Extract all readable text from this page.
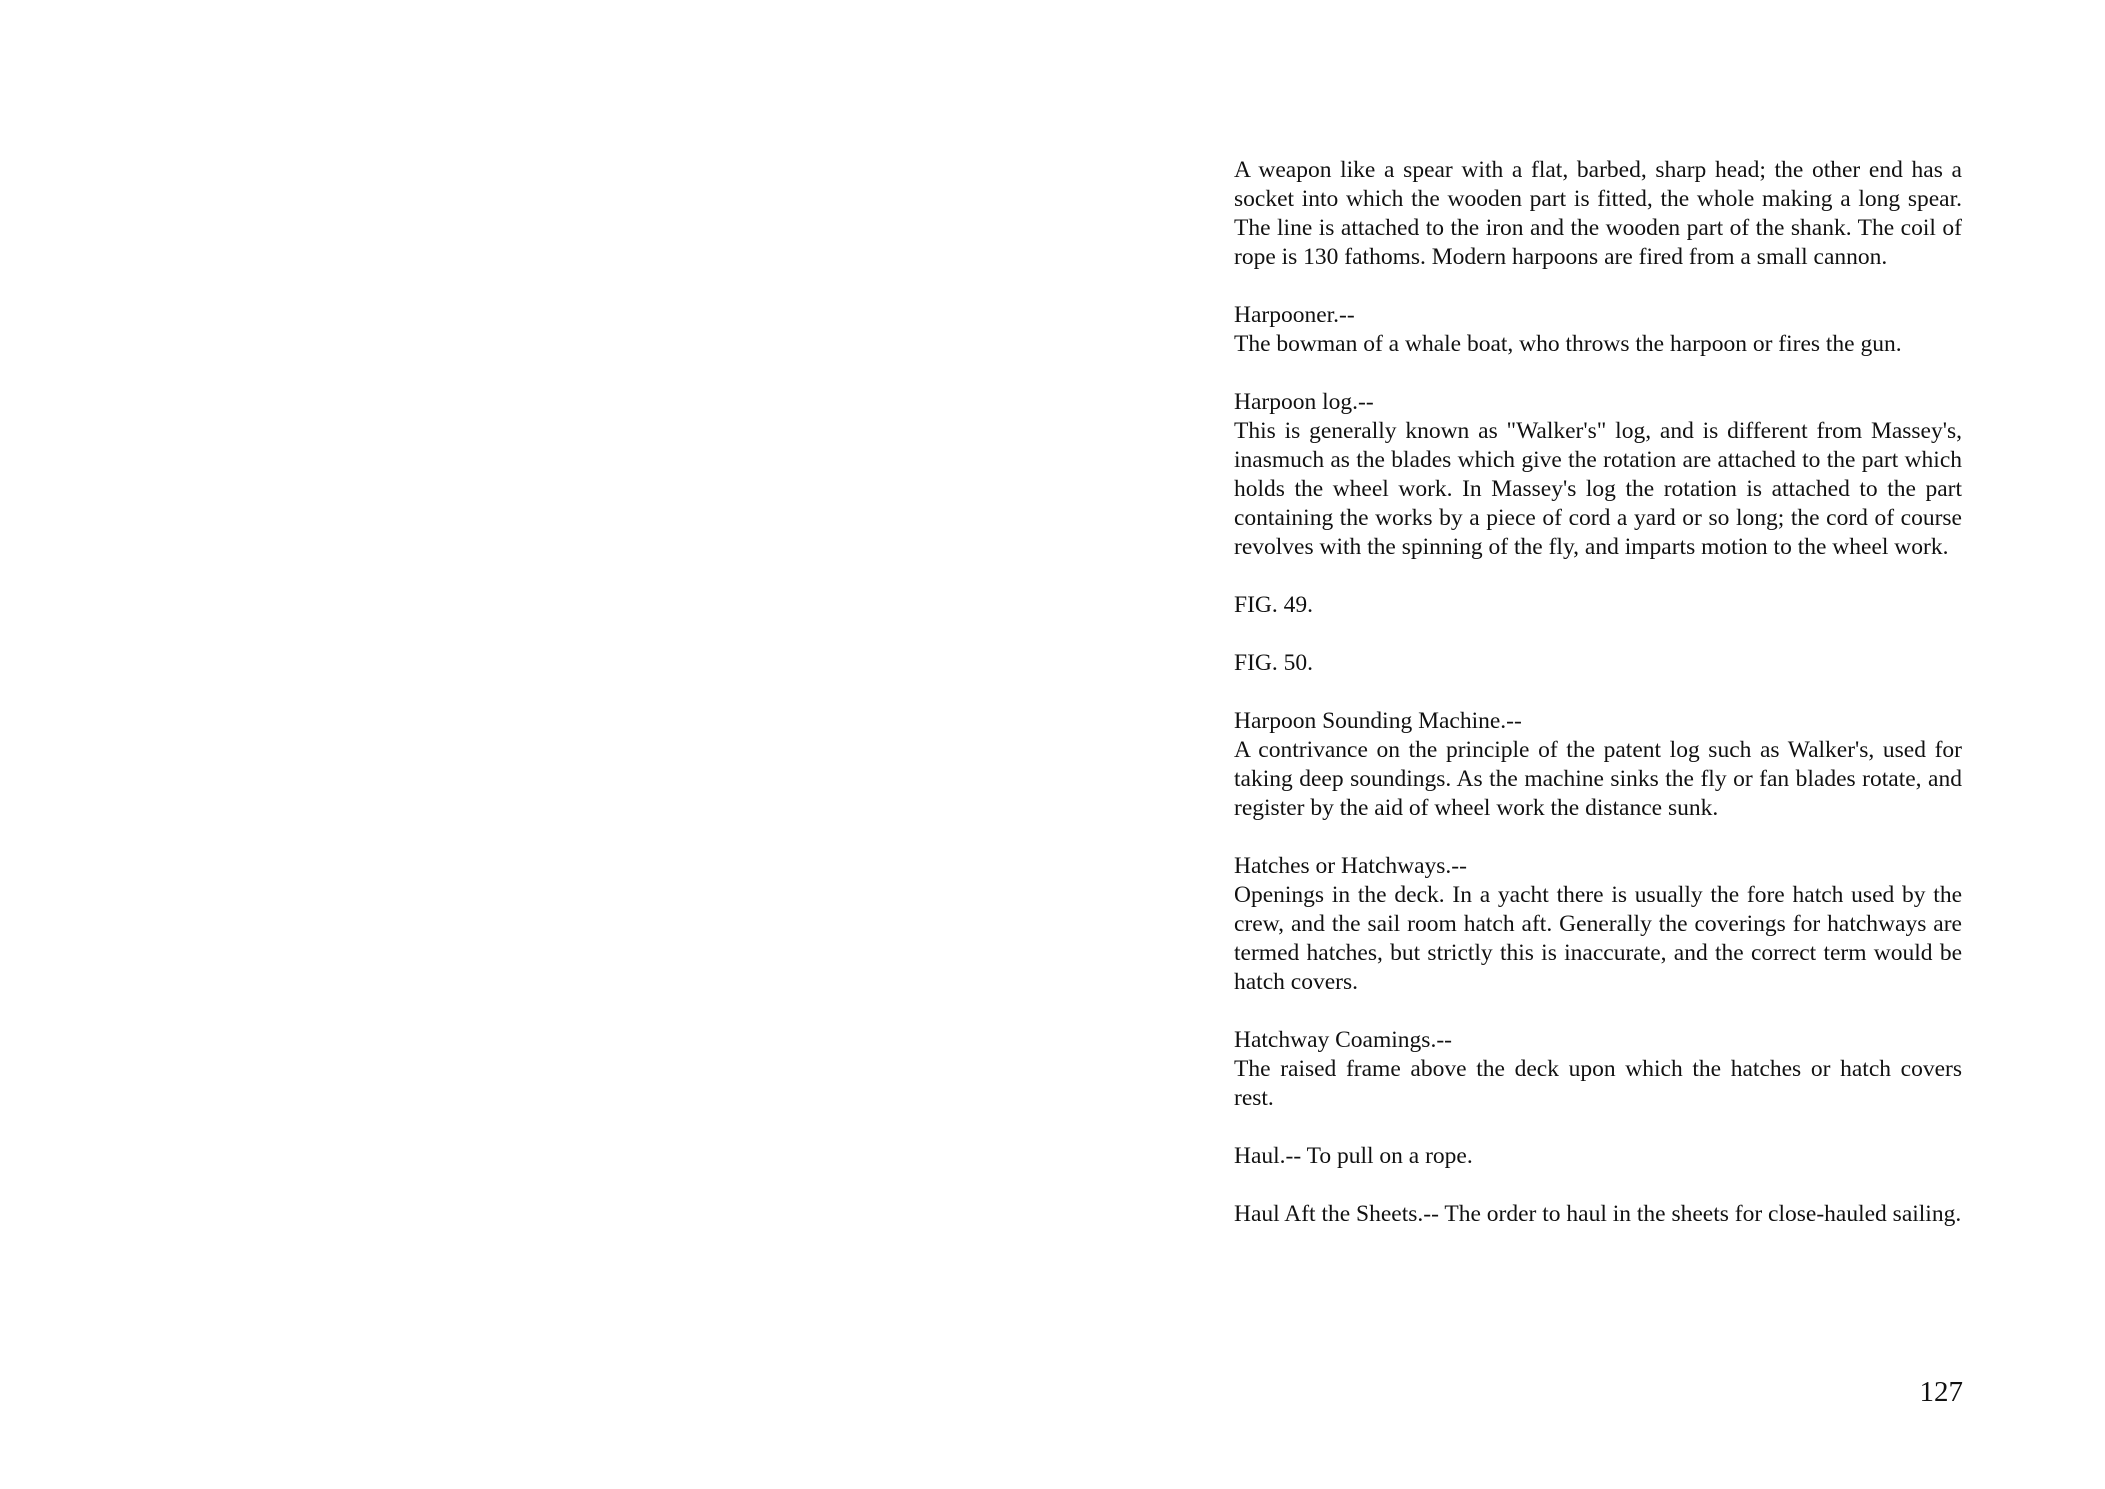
A weapon like a spear with a flat, barbed, sharp head; the other end has a socket into which the wooden part is fitted, the whole making a long spear. The line is attached to the iron and the wooden part of the shank. The coil of rope is 130 fathoms. Modern harpoons are fired from a small cannon.

Harpooner.--
The bowman of a whale boat, who throws the harpoon or fires the gun.

Harpoon log.--
This is generally known as "Walker's" log, and is different from Massey's, inasmuch as the blades which give the rotation are attached to the part which holds the wheel work. In Massey's log the rotation is attached to the part containing the works by a piece of cord a yard or so long; the cord of course revolves with the spinning of the fly, and imparts motion to the wheel work.

FIG. 49.

FIG. 50.

Harpoon Sounding Machine.--
A contrivance on the principle of the patent log such as Walker's, used for taking deep soundings. As the machine sinks the fly or fan blades rotate, and register by the aid of wheel work the distance sunk.

Hatches or Hatchways.--
Openings in the deck. In a yacht there is usually the fore hatch used by the crew, and the sail room hatch aft. Generally the coverings for hatchways are termed hatches, but strictly this is inaccurate, and the correct term would be hatch covers.

Hatchway Coamings.--
The raised frame above the deck upon which the hatches or hatch covers rest.

Haul.-- To pull on a rope.

Haul Aft the Sheets.-- The order to haul in the sheets for close-hauled sailing.

127
